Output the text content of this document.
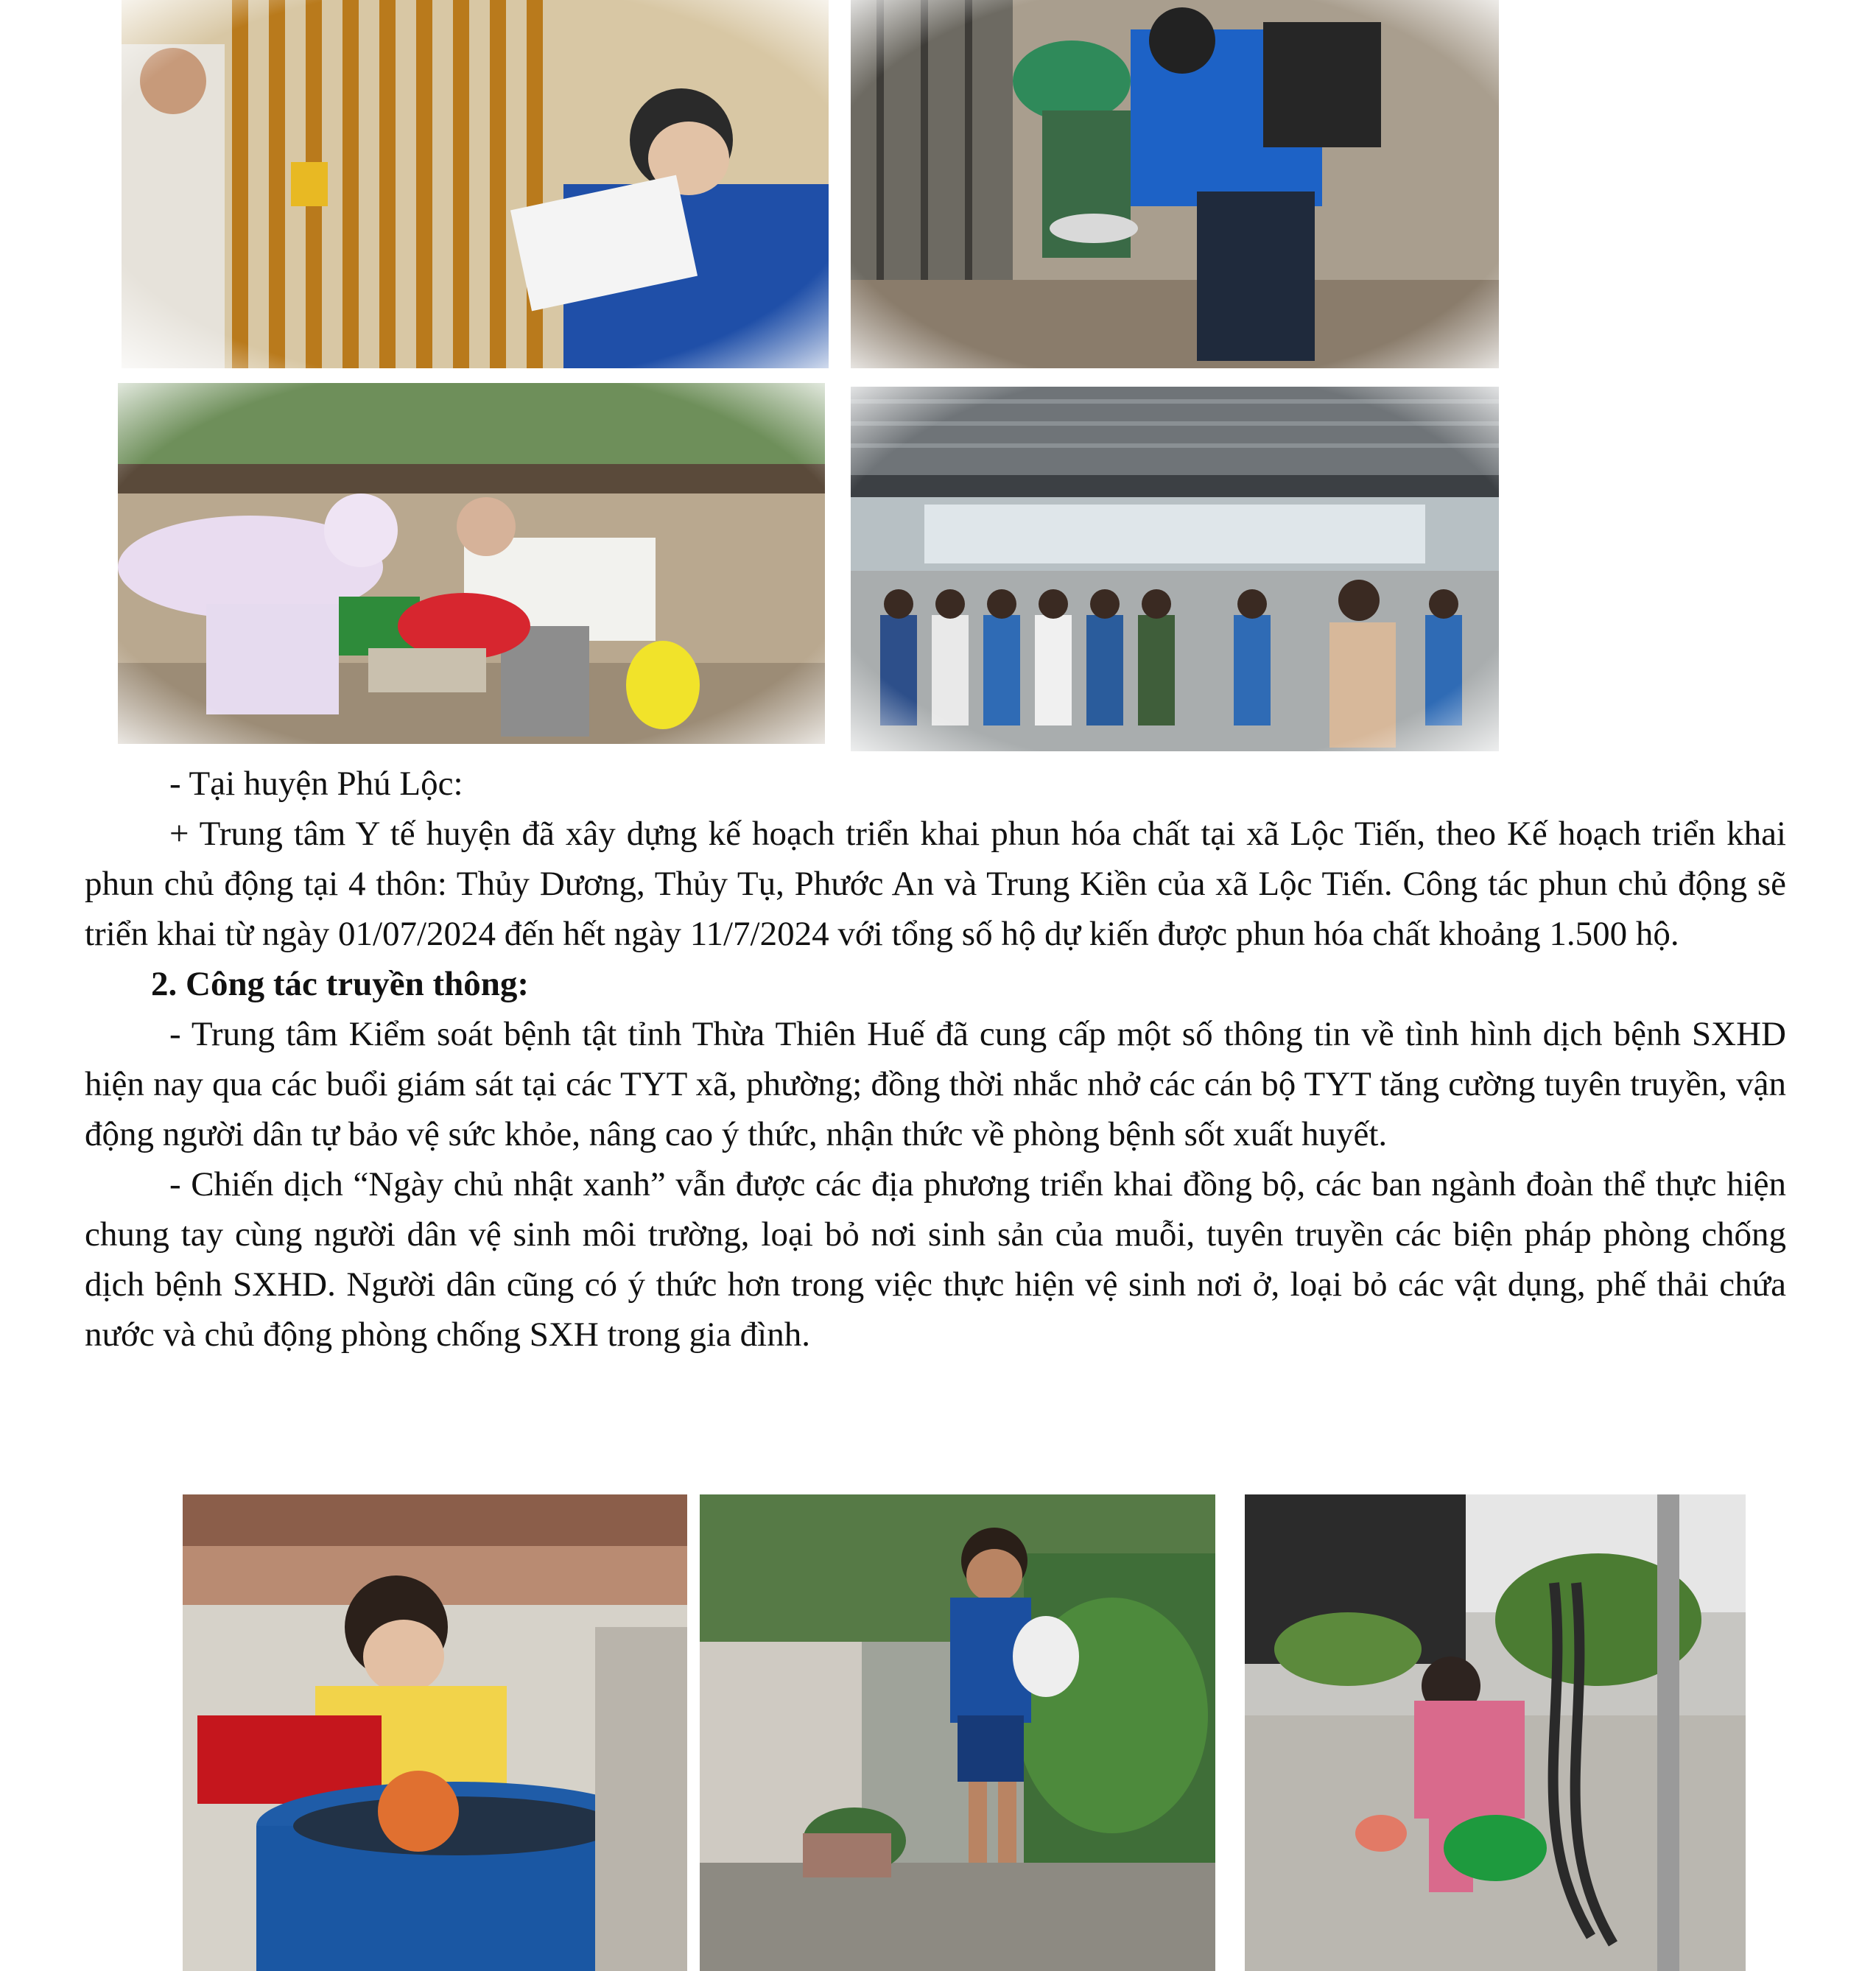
- Tại huyện Phú Lộc:

+ Trung tâm Y tế huyện đã xây dựng kế hoạch triển khai phun hóa chất tại xã Lộc Tiến, theo Kế hoạch triển khai phun chủ động tại 4 thôn: Thủy Dương, Thủy Tụ, Phước An và Trung Kiền của xã Lộc Tiến. Công tác phun chủ động sẽ triển khai từ ngày 01/07/2024 đến hết ngày 11/7/2024 với tổng số hộ dự kiến được phun hóa chất khoảng 1.500 hộ.

2. Công tác truyền thông:

- Trung tâm Kiểm soát bệnh tật tỉnh Thừa Thiên Huế đã cung cấp một số thông tin về tình hình dịch bệnh SXHD hiện nay qua các buổi giám sát tại các TYT xã, phường; đồng thời nhắc nhở các cán bộ TYT tăng cường tuyên truyền, vận động người dân tự bảo vệ sức khỏe, nâng cao ý thức, nhận thức về phòng bệnh sốt xuất huyết.

- Chiến dịch “Ngày chủ nhật xanh” vẫn được các địa phương triển khai đồng bộ, các ban ngành đoàn thể thực hiện chung tay cùng người dân vệ sinh môi trường, loại bỏ nơi sinh sản của muỗi, tuyên truyền các biện pháp phòng chống dịch bệnh SXHD. Người dân cũng có ý thức hơn trong việc thực hiện vệ sinh nơi ở, loại bỏ các vật dụng, phế thải chứa nước và chủ động phòng chống SXH trong gia đình.
